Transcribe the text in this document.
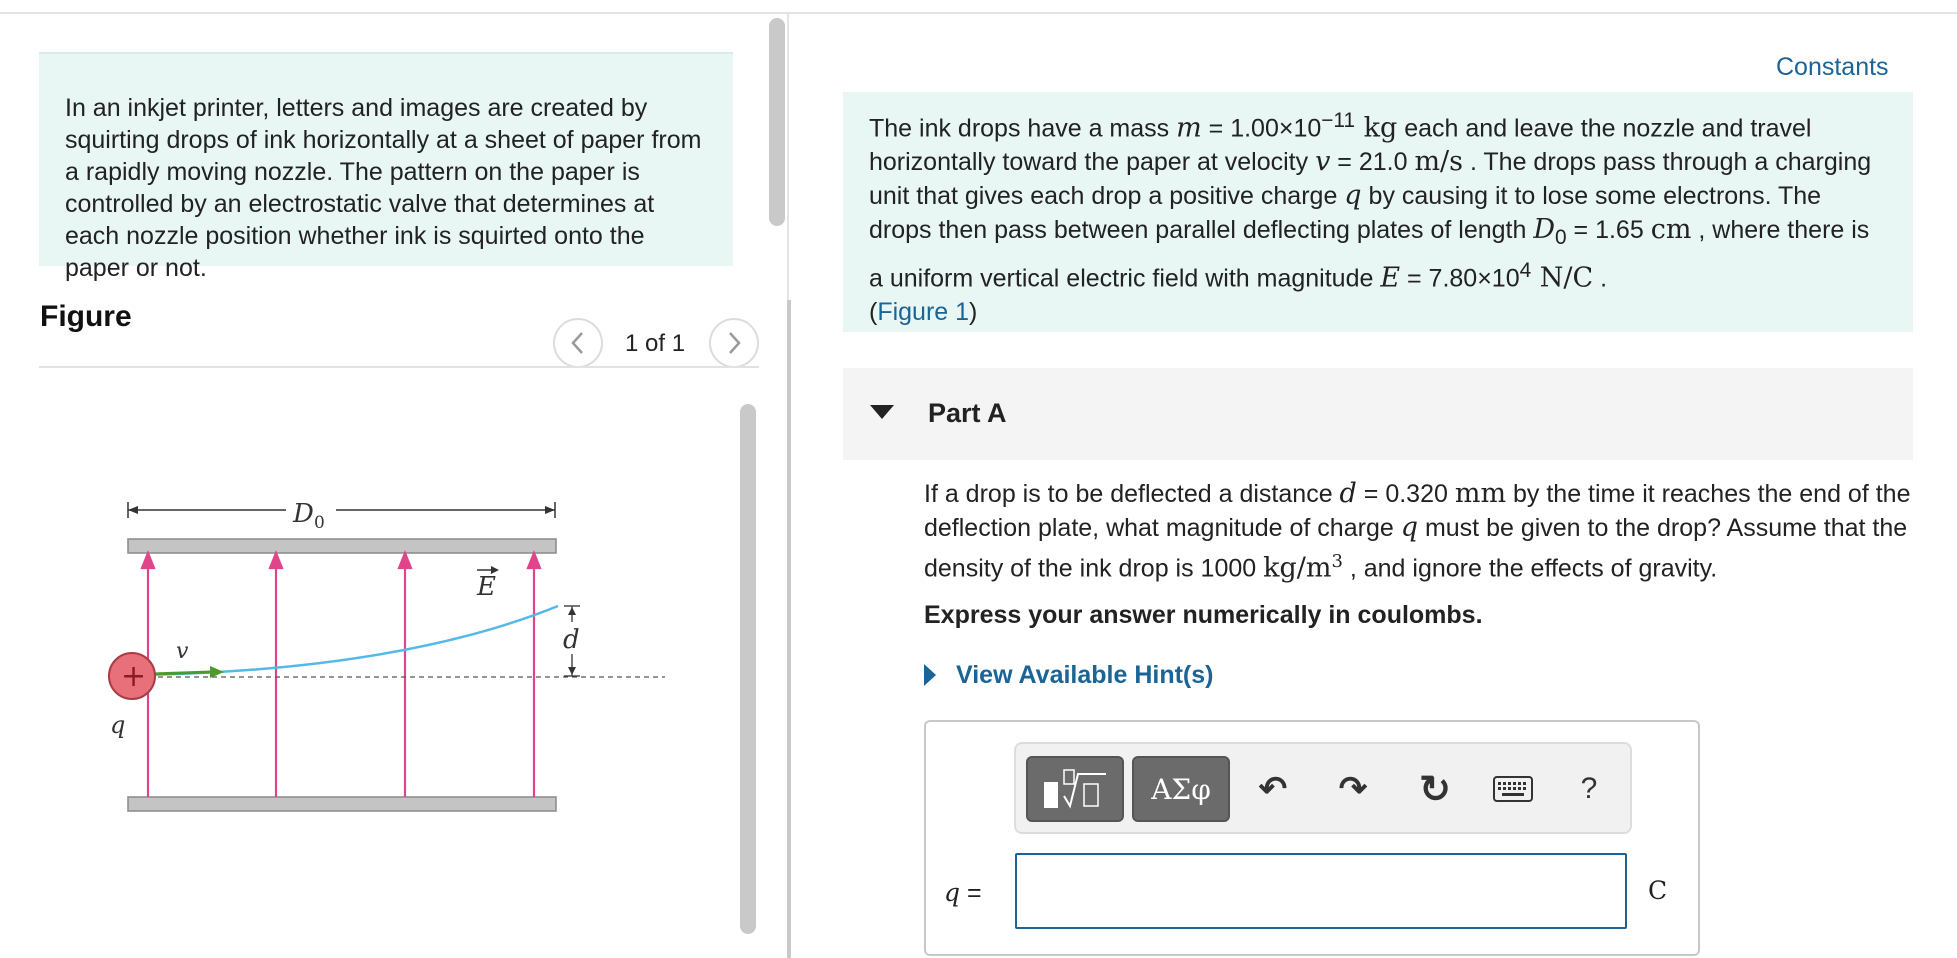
In an inkjet printer, letters and images are created by squirting drops of ink horizontally at a sheet of paper from a rapidly moving nozzle. The pattern on the paper is controlled by an electrostatic valve that determines at each nozzle position whether ink is squirted onto the paper or not.
Figure
1 of 1
D 0
E
d
v
+
q
Constants
The ink drops have a mass $m = 1.00\times 10^{-11}$ kg each and leave the nozzle and travel horizontally toward the paper at velocity v = 21.0 m/s . The drops pass through a charging unit that gives each drop a positive charge q by causing it to lose some electrons. The drops then pass between parallel deflecting plates of length $D_0 = 1.65$ cm , where there is a uniform vertical electric field with magnitude $E = 7.80\times 10^4$ N/C .
(Figure 1)
Part A
If a drop is to be deflected a distance d = 0.320 mm by the time it reaches the end of the deflection plate, what magnitude of charge q must be given to the drop? Assume that the density of the ink drop is 1000 $kg/m^3$ , and ignore the effects of gravity.
Express your answer numerically in coulombs.
View Available Hint(s)
ΑΣφ	↶ ↷ ↻	?
q =	C
